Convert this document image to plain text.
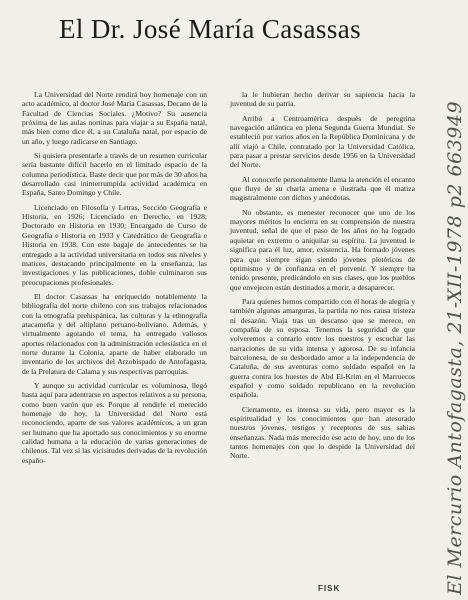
El Dr. José María Casassas

La Universidad del Norte rendirá hoy homenaje con un acto académico, al doctor José María Casassas, Decano de la Facultad de Ciencias Sociales. ¿Motivo? Su ausencia próxima de las aulas nortinas para viajar a su España natal, más bien como dice él, a su Cataluña natal, por espacio de un año, y luego radicarse en Santiago.

Si quisiera presentarle a través de un resumen curricular sería bastante difícil hacerlo en el limitado espacio de la columna periodística. Baste decir que por más de 30 años ha desarrollado casi ininterrumpida actividad académica en España, Santo Domingo y Chile.

Licenciado en Filosofía y Letras, Sección Geografía e Historia, en 1926; Licenciado en Derecho, en 1928; Doctorado en Historia en 1930; Encargado de Curso de Geografía e Historia en 1933 y Catedrático de Geografía e Historia en 1938. Con este bagaje de antecedentes se ha entregado a la actividad universitaria en todos sus niveles y matices, destacando principalmente en la enseñanza, las investigaciones y las publicaciones, doble culminaron sus preocupaciones profesionales.

El doctor Casassas ha enriquecido notablemente la bibliografía del norte chileno con sus trabajos relacionados con la etnografía prehispánica, las culturas y la ethnografía atacameña y del altiplano peruano-boliviano. Además, y virtualmente agotando el tema, ha entregado valiosos aportes relacionados con la administración eclesiástica en el norte durante la Colonia, aparte de haber elaborado un inventario de los archivos del Arzobispado de Antofagasta, de la Prelatura de Calama y sus respectivas parroquias.

Y aunque su actividad curricular es voluminosa, llegó hasta aquí para adentrarse en aspectos relativos a su persona, como buen varón que es. Porque al rendirle el merecido homenaje de hoy, la Universidad del Norte está reconociendo, aparte de sus valores académicos, a un gran ser humano que ha aportado sus conocimientos y su enorme calidad humana a la educación de varias generaciones de chilenos. Tal vez sí las vicisitudes derivadas de la revolución españo-

la le hubieran hecho derivar su sapiencia hacia la juventud de su patria.

Arribó a Centroamérica después de peregrina navegación atlántica en plena Segunda Guerra Mundial. Se estableció por varios años en la República Dominicana y de allí viajó a Chile, contratado por la Universidad Católica, para pasar a prestar servicios desde 1956 en la Universidad del Norte.

Al conocerle personalmente llama la atención el encanto que fluye de su charla amena e ilustrada que él matiza magistralmente con dichos y anécdotas.

No obstante, es menester reconocer que uno de los mayores méritos lo encierra en su comprensión de nuestra juventud, señal de que el paso de los años no ha logrado aquietar en extremo o aniquilar su espíritu. La juventud le significa para él luz, amor, existencia. Ha formado jóvenes para que siempre sigan siendo jóvenes pletóricos de optimismo y de confianza en el porvenir. Y siempre ha tenido presente, predicándolo en sus clases, que los pueblos que envejecen están destinados a morir, a desaparecer.

Para quienes hemos compartido con él horas de alegría y también algunas amarguras, la partida no nos causa tristeza ni desazón. Viaja tras un descanso que se merece, en compañía de su esposa. Tenemos la seguridad de que volveremos a contarlo entre los nuestros y escuchar las narraciones de su vida intensa y agorosa. De su infancia barcelonesa, de su desbordado amor a la independencia de Cataluña, de sus aventuras como soldado español en la guerra contra los huestes de Abd El-Krim en el Marruecos español y como soldado republicano en la revolución española.

Ciertamente, es intensa su vida, pero mayor es la espiritualidad y los conocimientos que han atesorado nuestros jóvenes, testigos y receptores de sus sabias enseñanzas. Nada más merecido ese acto de hoy, uno de los tantos homenajes con que lo despide la Universidad del Norte.

FISK	El Mercurio Antofagasta, 21-XII-1978 p2 663949
